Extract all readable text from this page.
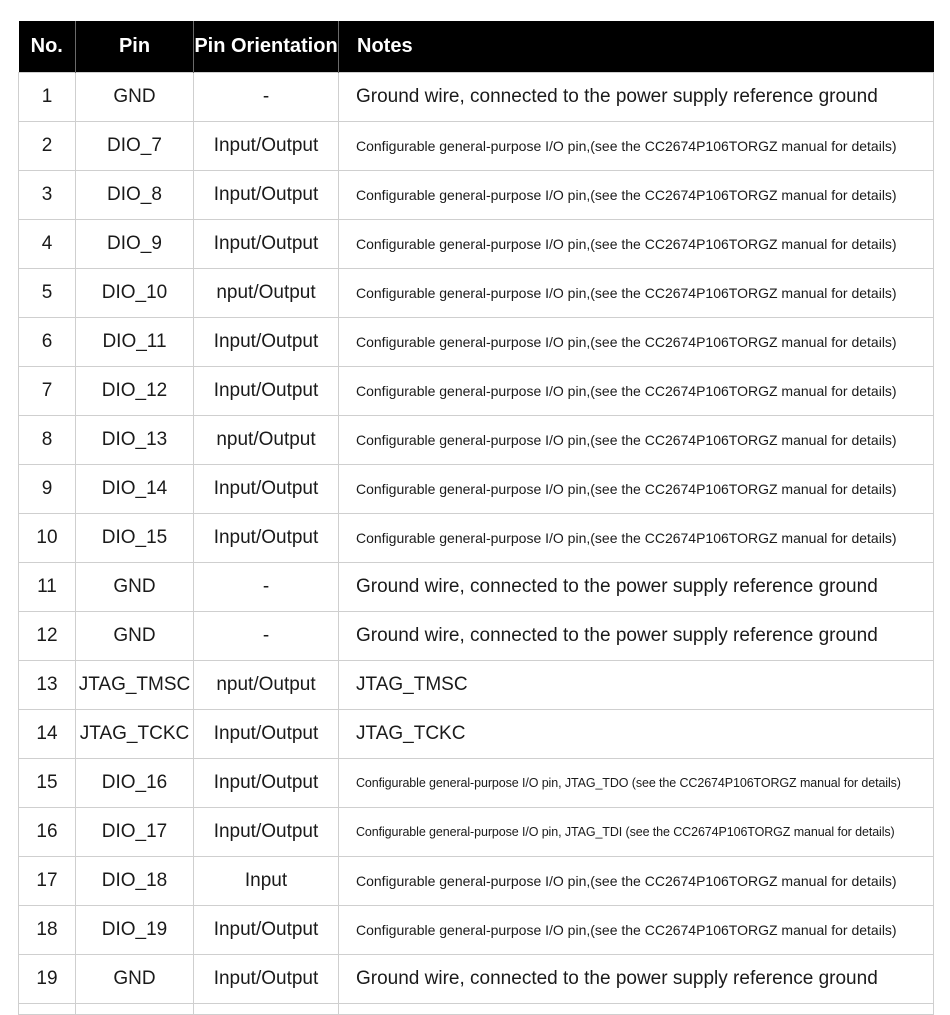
No.	Pin	Pin Orientation	Notes
1	GND	-	Ground wire, connected to the power supply reference ground
2	DIO_7	Input/Output	Configurable general-purpose I/O pin,(see the CC2674P106TORGZ manual for details)
3	DIO_8	Input/Output	Configurable general-purpose I/O pin,(see the CC2674P106TORGZ manual for details)
4	DIO_9	Input/Output	Configurable general-purpose I/O pin,(see the CC2674P106TORGZ manual for details)
5	DIO_10	nput/Output	Configurable general-purpose I/O pin,(see the CC2674P106TORGZ manual for details)
6	DIO_11	Input/Output	Configurable general-purpose I/O pin,(see the CC2674P106TORGZ manual for details)
7	DIO_12	Input/Output	Configurable general-purpose I/O pin,(see the CC2674P106TORGZ manual for details)
8	DIO_13	nput/Output	Configurable general-purpose I/O pin,(see the CC2674P106TORGZ manual for details)
9	DIO_14	Input/Output	Configurable general-purpose I/O pin,(see the CC2674P106TORGZ manual for details)
10	DIO_15	Input/Output	Configurable general-purpose I/O pin,(see the CC2674P106TORGZ manual for details)
11	GND	-	Ground wire, connected to the power supply reference ground
12	GND	-	Ground wire, connected to the power supply reference ground
13	JTAG_TMSC	nput/Output	JTAG_TMSC
14	JTAG_TCKC	Input/Output	JTAG_TCKC
15	DIO_16	Input/Output	Configurable general-purpose I/O pin, JTAG_TDO (see the CC2674P106TORGZ manual for details)
16	DIO_17	Input/Output	Configurable general-purpose I/O pin, JTAG_TDI (see the CC2674P106TORGZ manual for details)
17	DIO_18	Input	Configurable general-purpose I/O pin,(see the CC2674P106TORGZ manual for details)
18	DIO_19	Input/Output	Configurable general-purpose I/O pin,(see the CC2674P106TORGZ manual for details)
19	GND	Input/Output	Ground wire, connected to the power supply reference ground
